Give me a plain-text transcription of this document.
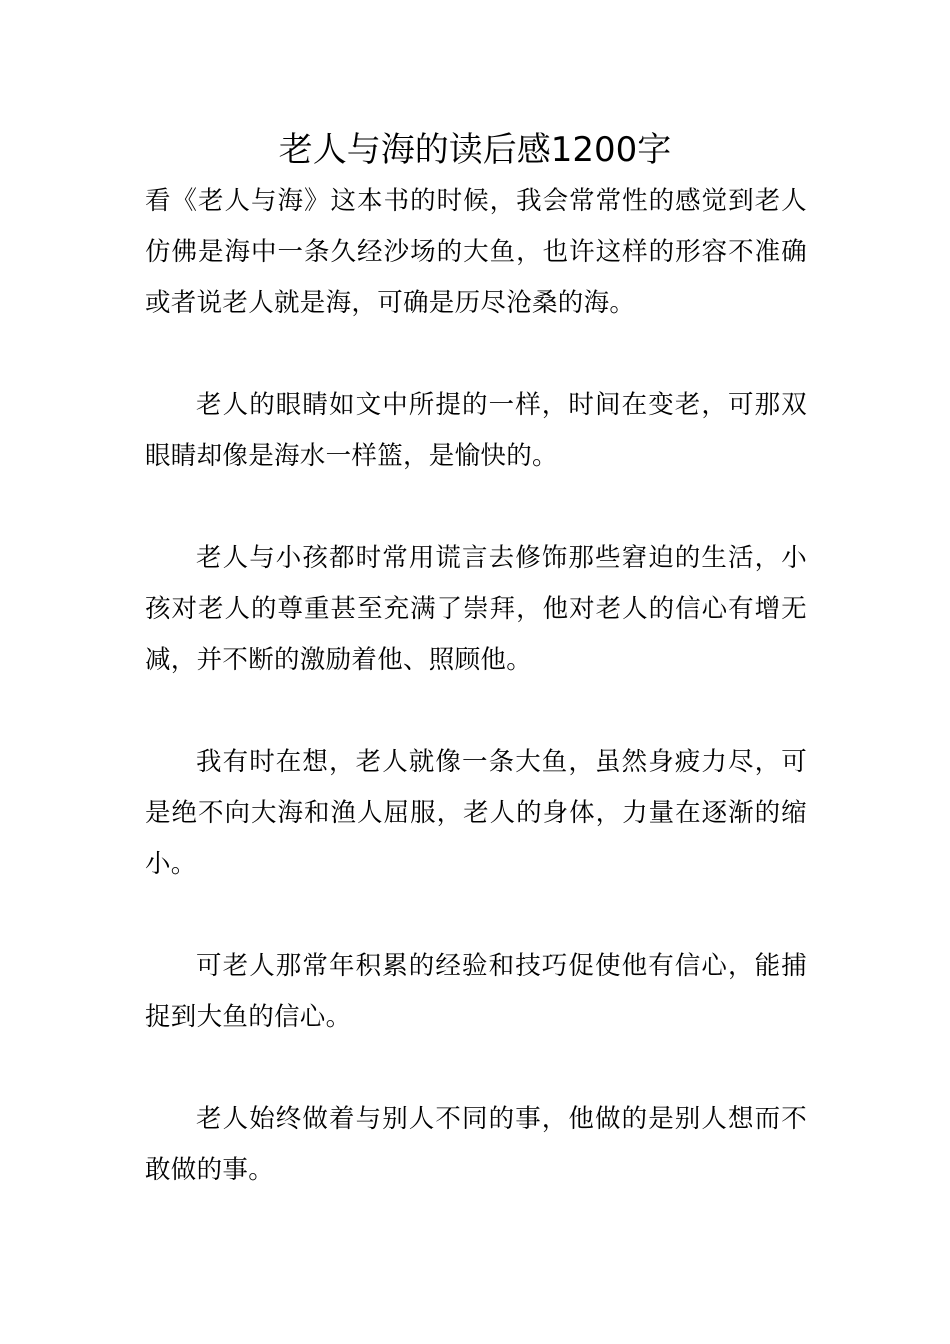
老人与海的读后感1200字

看《老人与海》这本书的时候，我会常常性的感觉到老人仿佛是海中一条久经沙场的大鱼，也许这样的形容不准确或者说老人就是海，可确是历尽沧桑的海。

老人的眼睛如文中所提的一样，时间在变老，可那双眼睛却像是海水一样篮，是愉快的。

老人与小孩都时常用谎言去修饰那些窘迫的生活，小孩对老人的尊重甚至充满了崇拜，他对老人的信心有增无减，并不断的激励着他、照顾他。

我有时在想，老人就像一条大鱼，虽然身疲力尽，可是绝不向大海和渔人屈服，老人的身体，力量在逐渐的缩小。

可老人那常年积累的经验和技巧促使他有信心，能捕捉到大鱼的信心。

老人始终做着与别人不同的事，他做的是别人想而不敢做的事。
